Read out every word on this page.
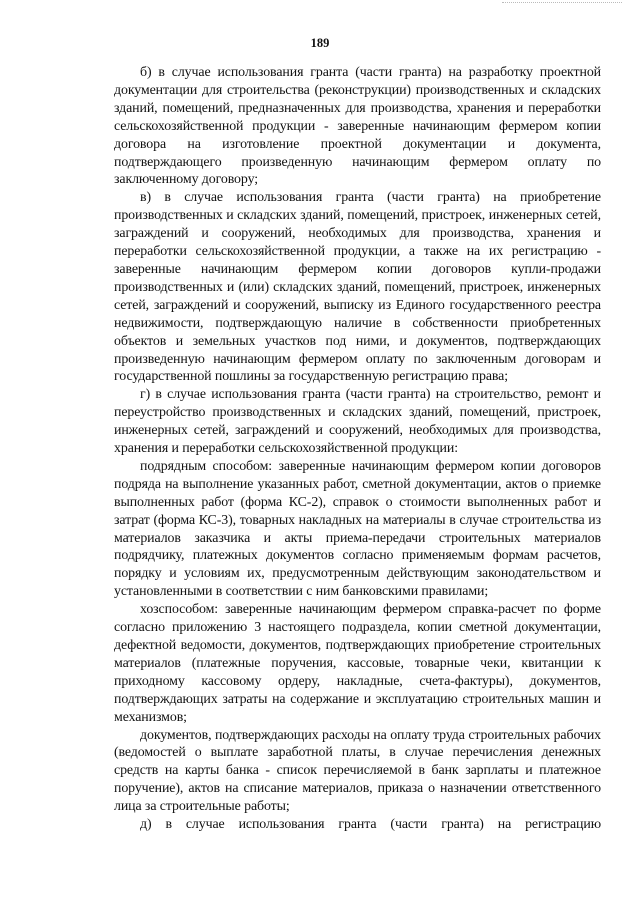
189

б) в случае использования гранта (части гранта) на разработку проектной документации для строительства (реконструкции) производственных и складских зданий, помещений, предназначенных для производства, хранения и переработки сельскохозяйственной продукции - заверенные начинающим фермером копии договора на изготовление проектной документации и документа, подтверждающего произведенную начинающим фермером оплату по заключенному договору;

в) в случае использования гранта (части гранта) на приобретение производственных и складских зданий, помещений, пристроек, инженерных сетей, заграждений и сооружений, необходимых для производства, хранения и переработки сельскохозяйственной продукции, а также на их регистрацию - заверенные начинающим фермером копии договоров купли-продажи производственных и (или) складских зданий, помещений, пристроек, инженерных сетей, заграждений и сооружений, выписку из Единого государственного реестра недвижимости, подтверждающую наличие в собственности приобретенных объектов и земельных участков под ними, и документов, подтверждающих произведенную начинающим фермером оплату по заключенным договорам и государственной пошлины за государственную регистрацию права;

г) в случае использования гранта (части гранта) на строительство, ремонт и переустройство производственных и складских зданий, помещений, пристроек, инженерных сетей, заграждений и сооружений, необходимых для производства, хранения и переработки сельскохозяйственной продукции:

подрядным способом: заверенные начинающим фермером копии договоров подряда на выполнение указанных работ, сметной документации, актов о приемке выполненных работ (форма КС-2), справок о стоимости выполненных работ и затрат (форма КС-3), товарных накладных на материалы в случае строительства из материалов заказчика и акты приема-передачи строительных материалов подрядчику, платежных документов согласно применяемым формам расчетов, порядку и условиям их, предусмотренным действующим законодательством и установленными в соответствии с ним банковскими правилами;

хозспособом: заверенные начинающим фермером справка-расчет по форме согласно приложению 3 настоящего подраздела, копии сметной документации, дефектной ведомости, документов, подтверждающих приобретение строительных материалов (платежные поручения, кассовые, товарные чеки, квитанции к приходному кассовому ордеру, накладные, счета-фактуры), документов, подтверждающих затраты на содержание и эксплуатацию строительных машин и механизмов;

документов, подтверждающих расходы на оплату труда строительных рабочих (ведомостей о выплате заработной платы, в случае перечисления денежных средств на карты банка - список перечисляемой в банк зарплаты и платежное поручение), актов на списание материалов, приказа о назначении ответственного лица за строительные работы;

д) в случае использования гранта (части гранта) на регистрацию
